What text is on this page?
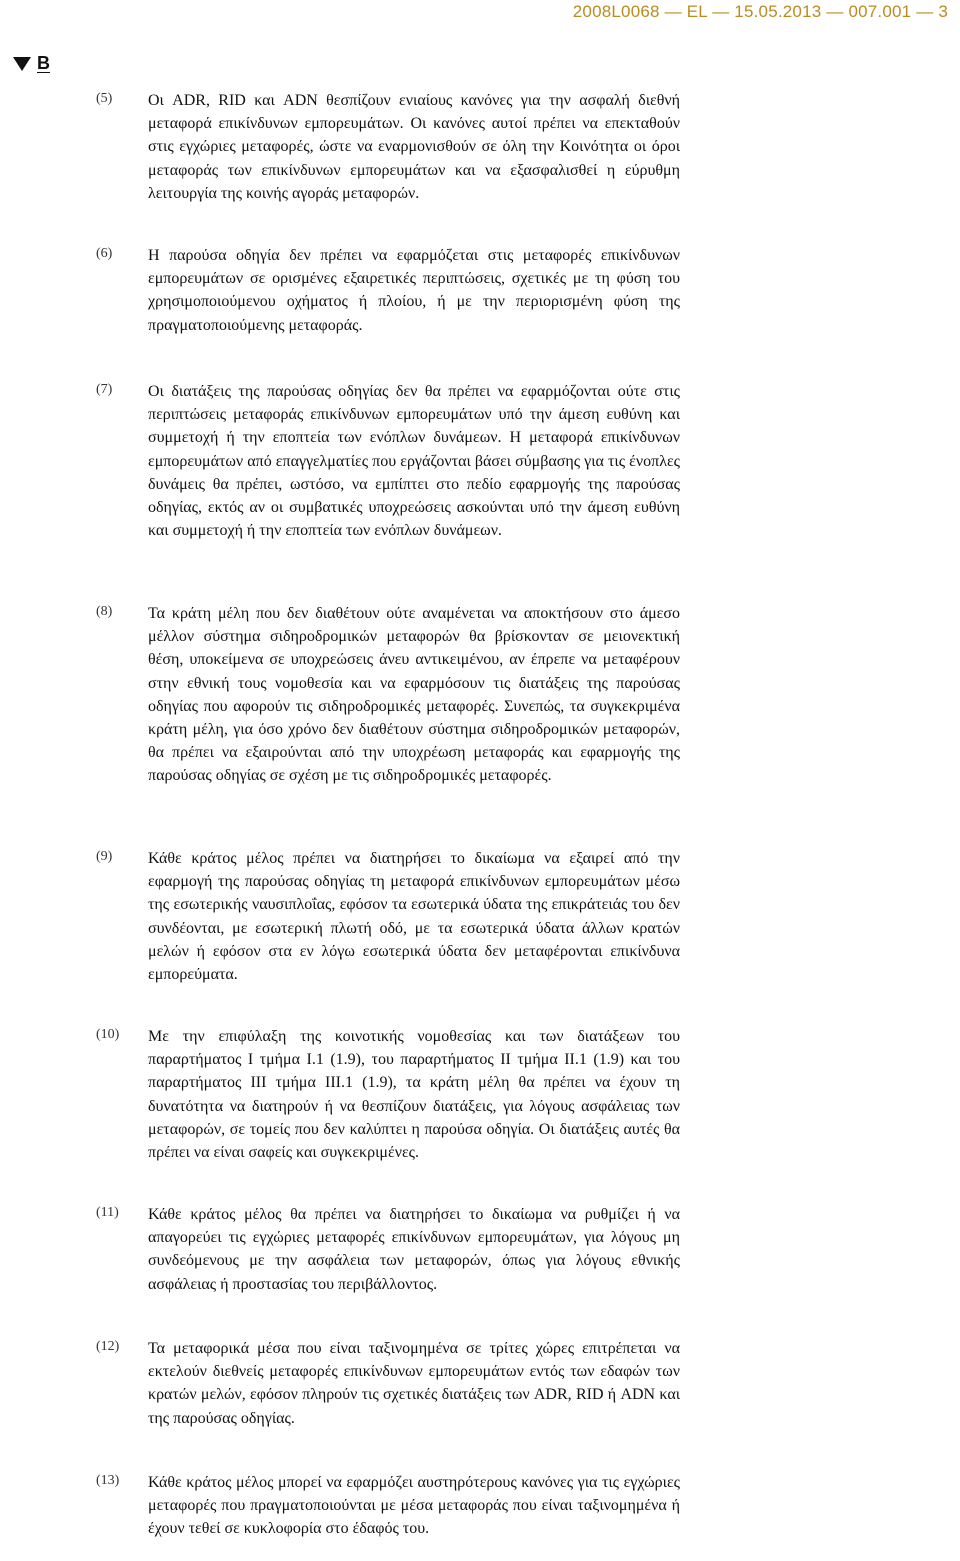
2008L0068 — EL — 15.05.2013 — 007.001 — 3
B
(5) Οι ADR, RID και ADN θεσπίζουν ενιαίους κανόνες για την ασφαλή διεθνή μεταφορά επικίνδυνων εμπορευμάτων. Οι κανόνες αυτοί πρέπει να επεκταθούν στις εγχώριες μεταφορές, ώστε να εναρμονισθούν σε όλη την Κοινότητα οι όροι μεταφοράς των επικίνδυνων εμπορευμάτων και να εξασφαλισθεί η εύρυθμη λειτουργία της κοινής αγοράς μεταφορών.

(6) Η παρούσα οδηγία δεν πρέπει να εφαρμόζεται στις μεταφορές επικίνδυνων εμπορευμάτων σε ορισμένες εξαιρετικές περιπτώσεις, σχετικές με τη φύση του χρησιμοποιούμενου οχήματος ή πλοίου, ή με την περιορισμένη φύση της πραγματοποιούμενης μεταφοράς.

(7) Οι διατάξεις της παρούσας οδηγίας δεν θα πρέπει να εφαρμόζονται ούτε στις περιπτώσεις μεταφοράς επικίνδυνων εμπορευμάτων υπό την άμεση ευθύνη και συμμετοχή ή την εποπτεία των ενόπλων δυνάμεων. Η μεταφορά επικίνδυνων εμπορευμάτων από επαγγελματίες που εργάζονται βάσει σύμβασης για τις ένοπλες δυνάμεις θα πρέπει, ωστόσο, να εμπίπτει στο πεδίο εφαρμογής της παρούσας οδηγίας, εκτός αν οι συμβατικές υποχρεώσεις ασκούνται υπό την άμεση ευθύνη και συμμετοχή ή την εποπτεία των ενόπλων δυνάμεων.

(8) Τα κράτη μέλη που δεν διαθέτουν ούτε αναμένεται να αποκτήσουν στο άμεσο μέλλον σύστημα σιδηροδρομικών μεταφορών θα βρίσκονταν σε μειονεκτική θέση, υποκείμενα σε υποχρεώσεις άνευ αντικειμένου, αν έπρεπε να μεταφέρουν στην εθνική τους νομοθεσία και να εφαρμόσουν τις διατάξεις της παρούσας οδηγίας που αφορούν τις σιδηροδρομικές μεταφορές. Συνεπώς, τα συγκεκριμένα κράτη μέλη, για όσο χρόνο δεν διαθέτουν σύστημα σιδηροδρομικών μεταφορών, θα πρέπει να εξαιρούνται από την υποχρέωση μεταφοράς και εφαρμογής της παρούσας οδηγίας σε σχέση με τις σιδηροδρομικές μεταφορές.

(9) Κάθε κράτος μέλος πρέπει να διατηρήσει το δικαίωμα να εξαιρεί από την εφαρμογή της παρούσας οδηγίας τη μεταφορά επικίνδυνων εμπορευμάτων μέσω της εσωτερικής ναυσιπλοΐας, εφόσον τα εσωτερικά ύδατα της επικράτειάς του δεν συνδέονται, με εσωτερική πλωτή οδό, με τα εσωτερικά ύδατα άλλων κρατών μελών ή εφόσον στα εν λόγω εσωτερικά ύδατα δεν μεταφέρονται επικίνδυνα εμπορεύματα.

(10) Με την επιφύλαξη της κοινοτικής νομοθεσίας και των διατάξεων του παραρτήματος I τμήμα I.1 (1.9), του παραρτήματος II τμήμα II.1 (1.9) και του παραρτήματος III τμήμα III.1 (1.9), τα κράτη μέλη θα πρέπει να έχουν τη δυνατότητα να διατηρούν ή να θεσπίζουν διατάξεις, για λόγους ασφάλειας των μεταφορών, σε τομείς που δεν καλύπτει η παρούσα οδηγία. Οι διατάξεις αυτές θα πρέπει να είναι σαφείς και συγκεκριμένες.

(11) Κάθε κράτος μέλος θα πρέπει να διατηρήσει το δικαίωμα να ρυθμίζει ή να απαγορεύει τις εγχώριες μεταφορές επικίνδυνων εμπορευμάτων, για λόγους μη συνδεόμενους με την ασφάλεια των μεταφορών, όπως για λόγους εθνικής ασφάλειας ή προστασίας του περιβάλλοντος.

(12) Τα μεταφορικά μέσα που είναι ταξινομημένα σε τρίτες χώρες επιτρέπεται να εκτελούν διεθνείς μεταφορές επικίνδυνων εμπορευμάτων εντός των εδαφών των κρατών μελών, εφόσον πληρούν τις σχετικές διατάξεις των ADR, RID ή ADN και της παρούσας οδηγίας.

(13) Κάθε κράτος μέλος μπορεί να εφαρμόζει αυστηρότερους κανόνες για τις εγχώριες μεταφορές που πραγματοποιούνται με μέσα μεταφοράς που είναι ταξινομημένα ή έχουν τεθεί σε κυκλοφορία στο έδαφός του.
